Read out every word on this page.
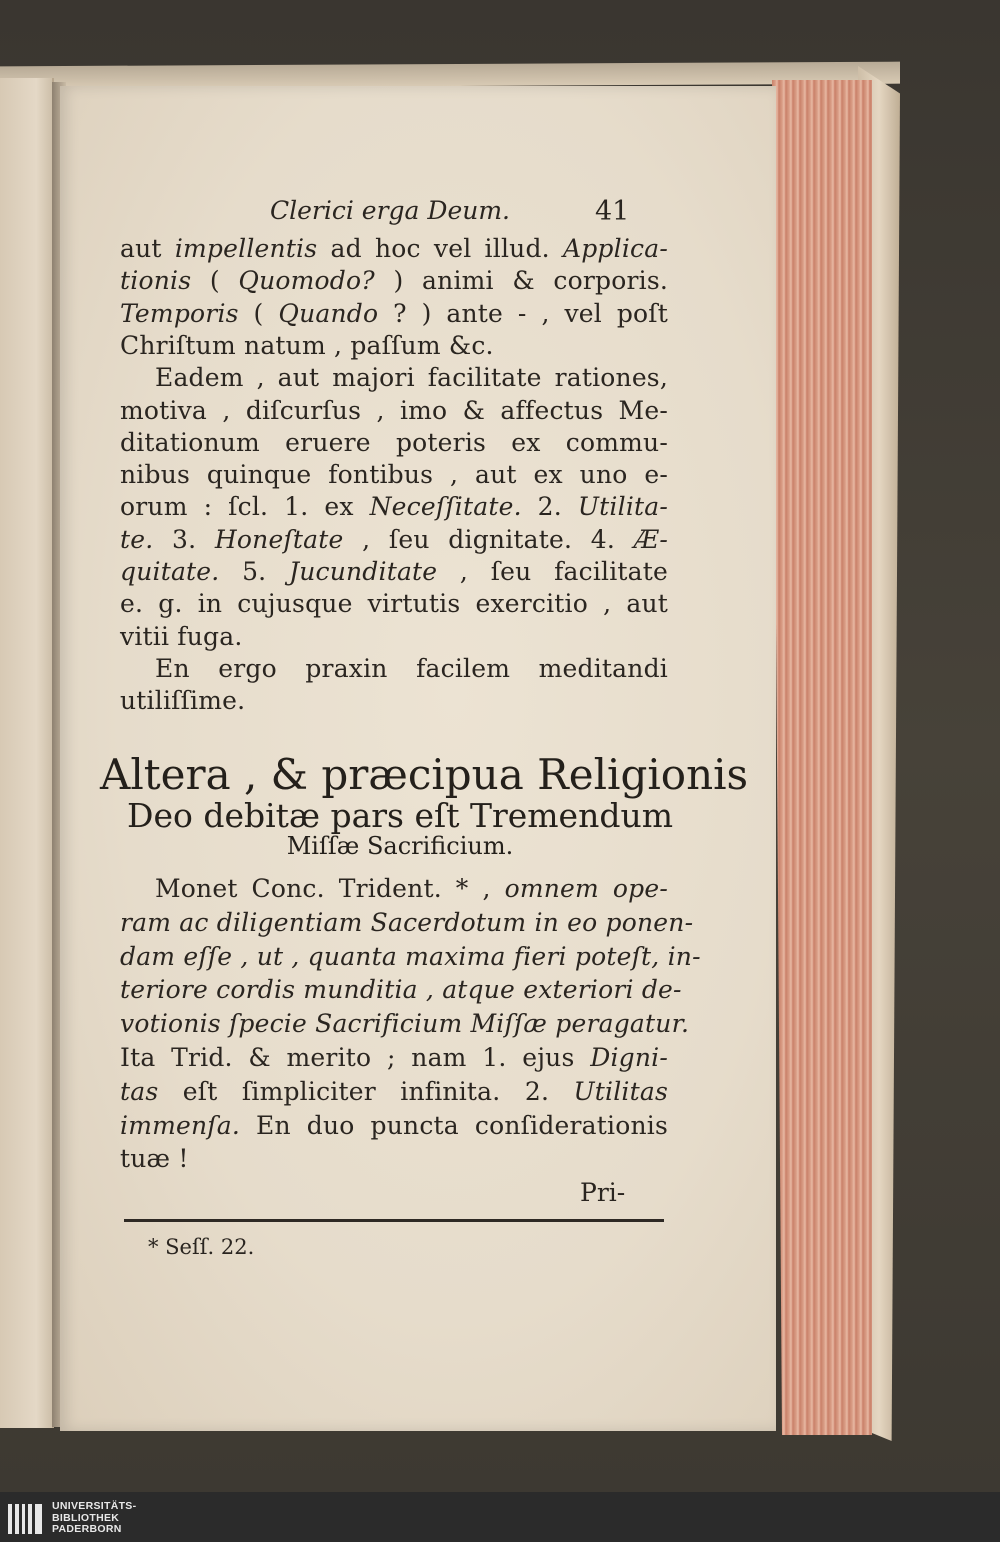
Clerici erga Deum.	41
Altera , & præcipua Religionis
Deo debitæ pars eſt Tremendum
Miſſæ Sacrificium.
Pri-
* Seſſ. 22.
aut impellentis ad hoc vel illud. Applica-
tionis ( Quomodo? ) animi & corporis.
Temporis ( Quando ? ) ante - , vel poſt
Chriſtum natum , paſſum &c.
Eadem , aut majori facilitate rationes,
motiva , diſcurſus , imo & affectus Me-
ditationum eruere poteris ex commu-
nibus quinque fontibus , aut ex uno e-
orum : ſcl. 1. ex Neceſſitate. 2. Utilita-
te. 3. Honeſtate , ſeu dignitate. 4. Æ-
quitate. 5. Jucunditate , ſeu facilitate
e. g. in cujusque virtutis exercitio , aut
vitii fuga.
En ergo praxin facilem meditandi
utiliſſime.
Monet Conc. Trident. * , omnem ope-
ram ac diligentiam Sacerdotum in eo ponen-
dam eſſe , ut , quanta maxima fieri poteſt, in-
teriore cordis munditia , atque exteriori de-
votionis ſpecie Sacrificium Miſſæ peragatur.
Ita Trid. & merito ; nam 1. ejus Digni-
tas eſt ſimpliciter infinita. 2. Utilitas
immenſa. En duo puncta conſiderationis
tuæ !
UNIVERSITÄTS-
BIBLIOTHEK
PADERBORN
